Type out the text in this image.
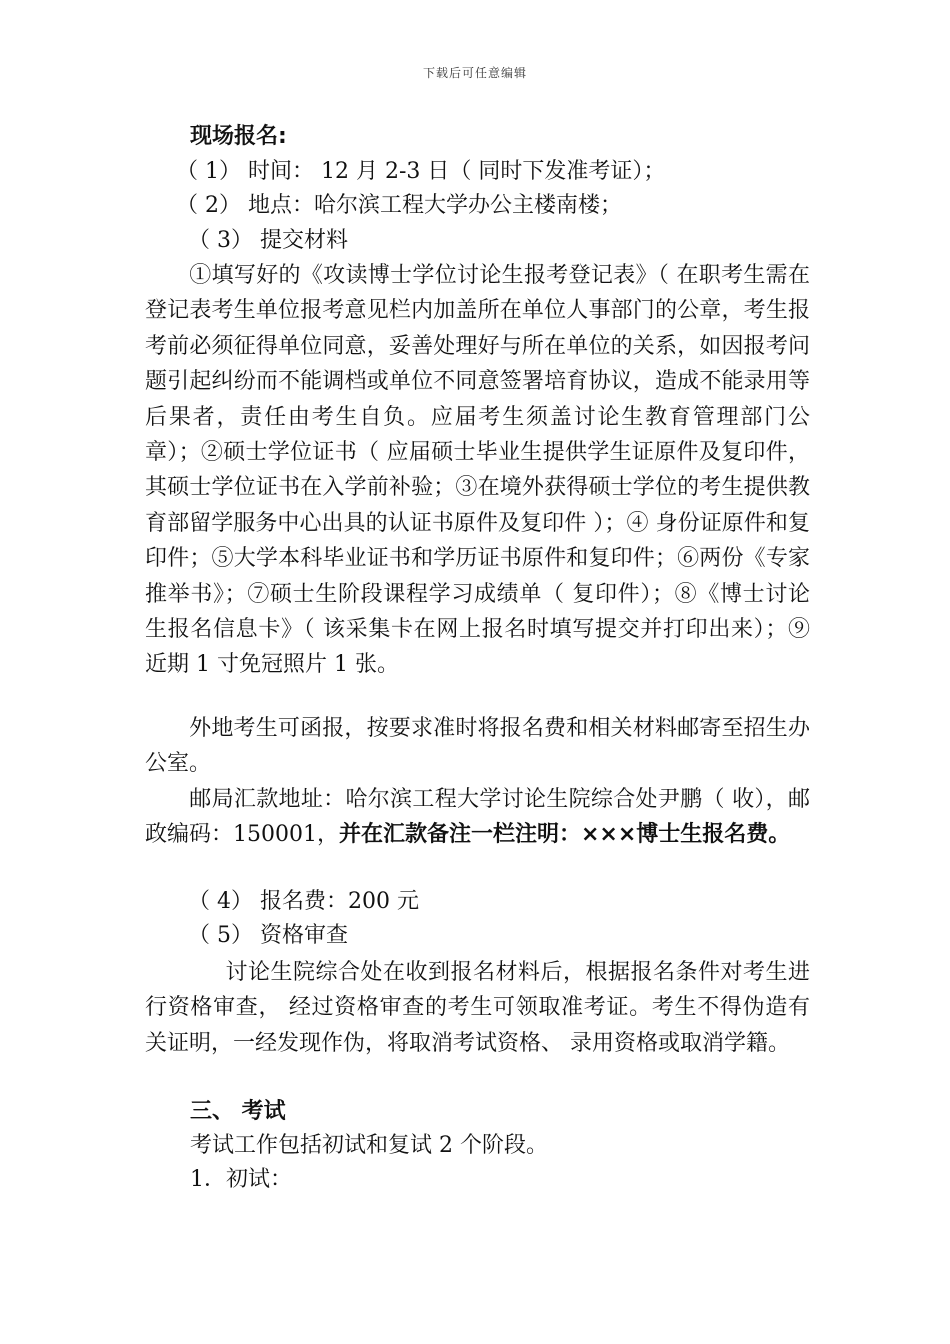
下载后可任意编辑
现场报名:
（ 1） 时间： 12 月 2-3 日（ 同时下发准考证）；
（ 2） 地点：哈尔滨工程大学办公主楼南楼；
（ 3） 提交材料
①填写好的《攻读博士学位讨论生报考登记表》（ 在职考生需在登记表考生单位报考意见栏内加盖所在单位人事部门的公章，考生报考前必须征得单位同意，妥善处理好与所在单位的关系，如因报考问题引起纠纷而不能调档或单位不同意签署培育协议，造成不能录用等后果者，责任由考生自负。应届考生须盖讨论生教育管理部门公章）；②硕士学位证书（ 应届硕士毕业生提供学生证原件及复印件，其硕士学位证书在入学前补验；③在境外获得硕士学位的考生提供教育部留学服务中心出具的认证书原件及复印件 ）；④ 身份证原件和复印件；⑤大学本科毕业证书和学历证书原件和复印件；⑥两份《专家推举书》；⑦硕士生阶段课程学习成绩单（ 复印件）；⑧《博士讨论生报名信息卡》（ 该采集卡在网上报名时填写提交并打印出来）；⑨近期 1 寸免冠照片 1 张。
外地考生可函报，按要求准时将报名费和相关材料邮寄至招生办公室。
邮局汇款地址：哈尔滨工程大学讨论生院综合处尹鹏（ 收），邮政编码：150001，并在汇款备注一栏注明：×××博士生报名费。
（ 4） 报名费：200 元
（ 5） 资格审查
讨论生院综合处在收到报名材料后，根据报名条件对考生进行资格审查， 经过资格审查的考生可领取准考证。考生不得伪造有关证明，一经发现作伪，将取消考试资格、 录用资格或取消学籍。
三、 考试
考试工作包括初试和复试 2 个阶段。
1．初试：
